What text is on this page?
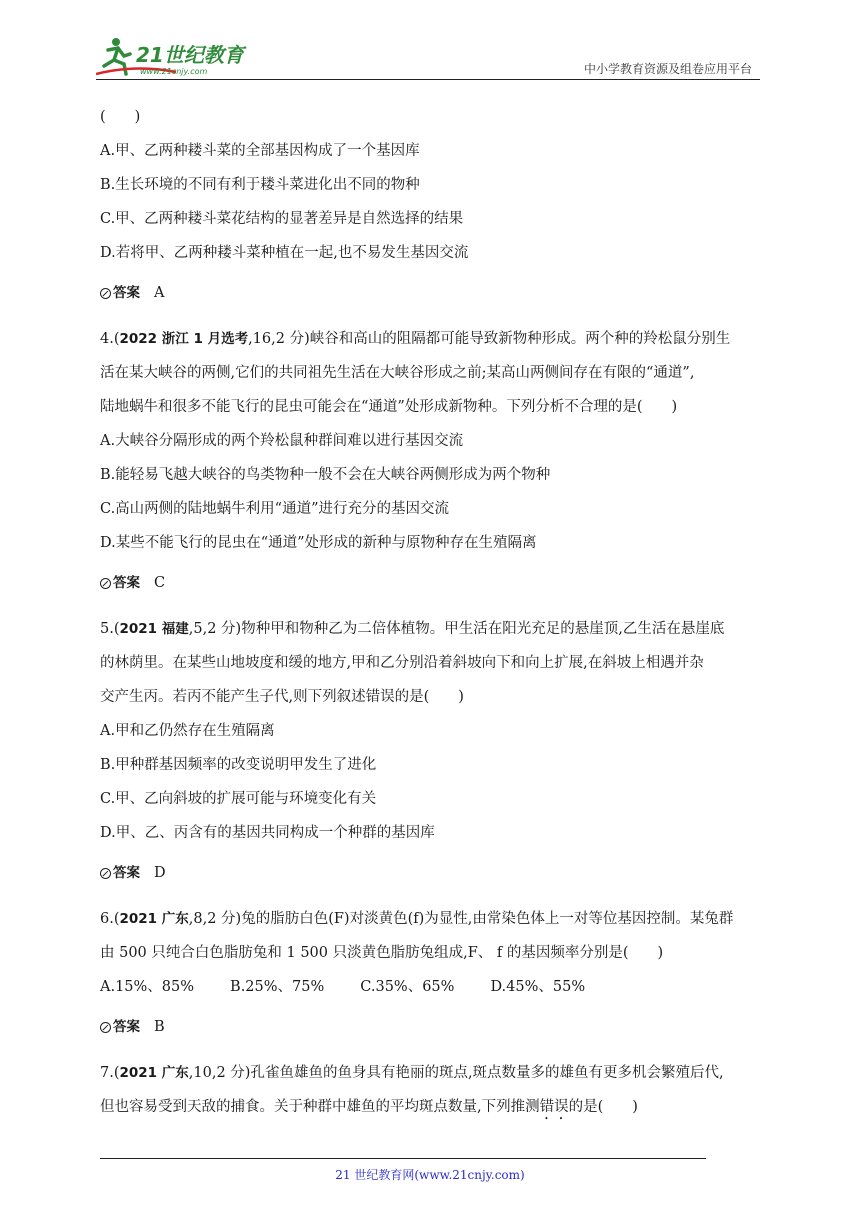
21世纪教育
www.21cnjy.com	中小学教育资源及组卷应用平台
(　　)
A.甲、乙两种耧斗菜的全部基因构成了一个基因库
B.生长环境的不同有利于耧斗菜进化出不同的物种
C.甲、乙两种耧斗菜花结构的显著差异是自然选择的结果
D.若将甲、乙两种耧斗菜种植在一起,也不易发生基因交流
答案 A
4.(2022 浙江 1 月选考,16,2 分)峡谷和高山的阻隔都可能导致新物种形成。两个种的羚松鼠分别生
活在某大峡谷的两侧,它们的共同祖先生活在大峡谷形成之前;某高山两侧间存在有限的“通道”,
陆地蜗牛和很多不能飞行的昆虫可能会在“通道”处形成新物种。下列分析不合理的是(　　)
A.大峡谷分隔形成的两个羚松鼠种群间难以进行基因交流
B.能轻易飞越大峡谷的鸟类物种一般不会在大峡谷两侧形成为两个物种
C.高山两侧的陆地蜗牛利用“通道”进行充分的基因交流
D.某些不能飞行的昆虫在“通道”处形成的新种与原物种存在生殖隔离
答案 C
5.(2021 福建,5,2 分)物种甲和物种乙为二倍体植物。甲生活在阳光充足的悬崖顶,乙生活在悬崖底
的林荫里。在某些山地坡度和缓的地方,甲和乙分别沿着斜坡向下和向上扩展,在斜坡上相遇并杂
交产生丙。若丙不能产生子代,则下列叙述错误的是(　　)
A.甲和乙仍然存在生殖隔离
B.甲种群基因频率的改变说明甲发生了进化
C.甲、乙向斜坡的扩展可能与环境变化有关
D.甲、乙、丙含有的基因共同构成一个种群的基因库
答案 D
6.(2021 广东,8,2 分)兔的脂肪白色(F)对淡黄色(f)为显性,由常染色体上一对等位基因控制。某兔群
由 500 只纯合白色脂肪兔和 1 500 只淡黄色脂肪兔组成,F、 f 的基因频率分别是(　　)
A.15%、85% B.25%、75% C.35%、65% D.45%、55%
答案 B
7.(2021 广东,10,2 分)孔雀鱼雄鱼的鱼身具有艳丽的斑点,斑点数量多的雄鱼有更多机会繁殖后代,
但也容易受到天敌的捕食。关于种群中雄鱼的平均斑点数量,下列推测错误的是(　　)
21 世纪教育网(www.21cnjy.com)
